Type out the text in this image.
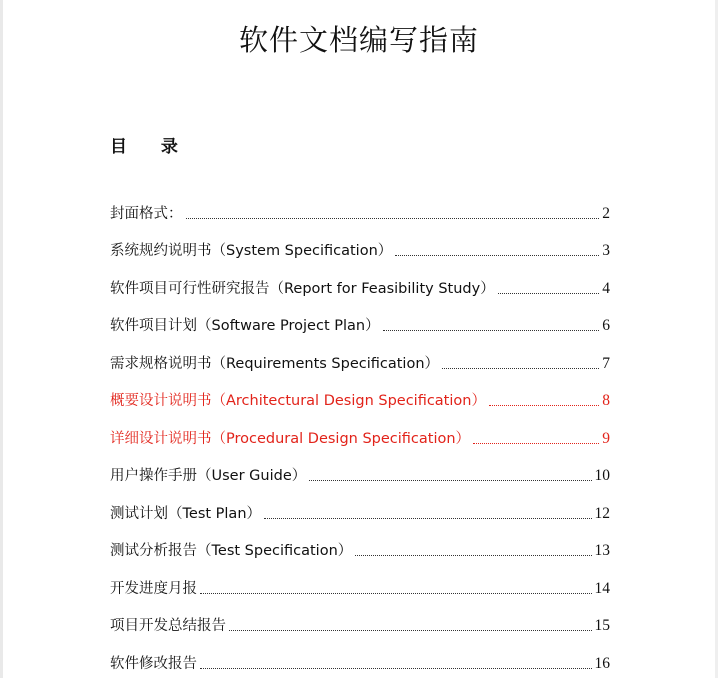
软件文档编写指南
目 录
封面格式：	2
系统规约说明书（System Specification）	3
软件项目可行性研究报告（Report for Feasibility Study）	4
软件项目计划（Software Project Plan）	6
需求规格说明书（Requirements Specification）	7
概要设计说明书（Architectural Design Specification）	8
详细设计说明书（Procedural Design Specification）	9
用户操作手册（User Guide）	10
测试计划（Test Plan）	12
测试分析报告（Test Specification）	13
开发进度月报	14
项目开发总结报告	15
软件修改报告	16
